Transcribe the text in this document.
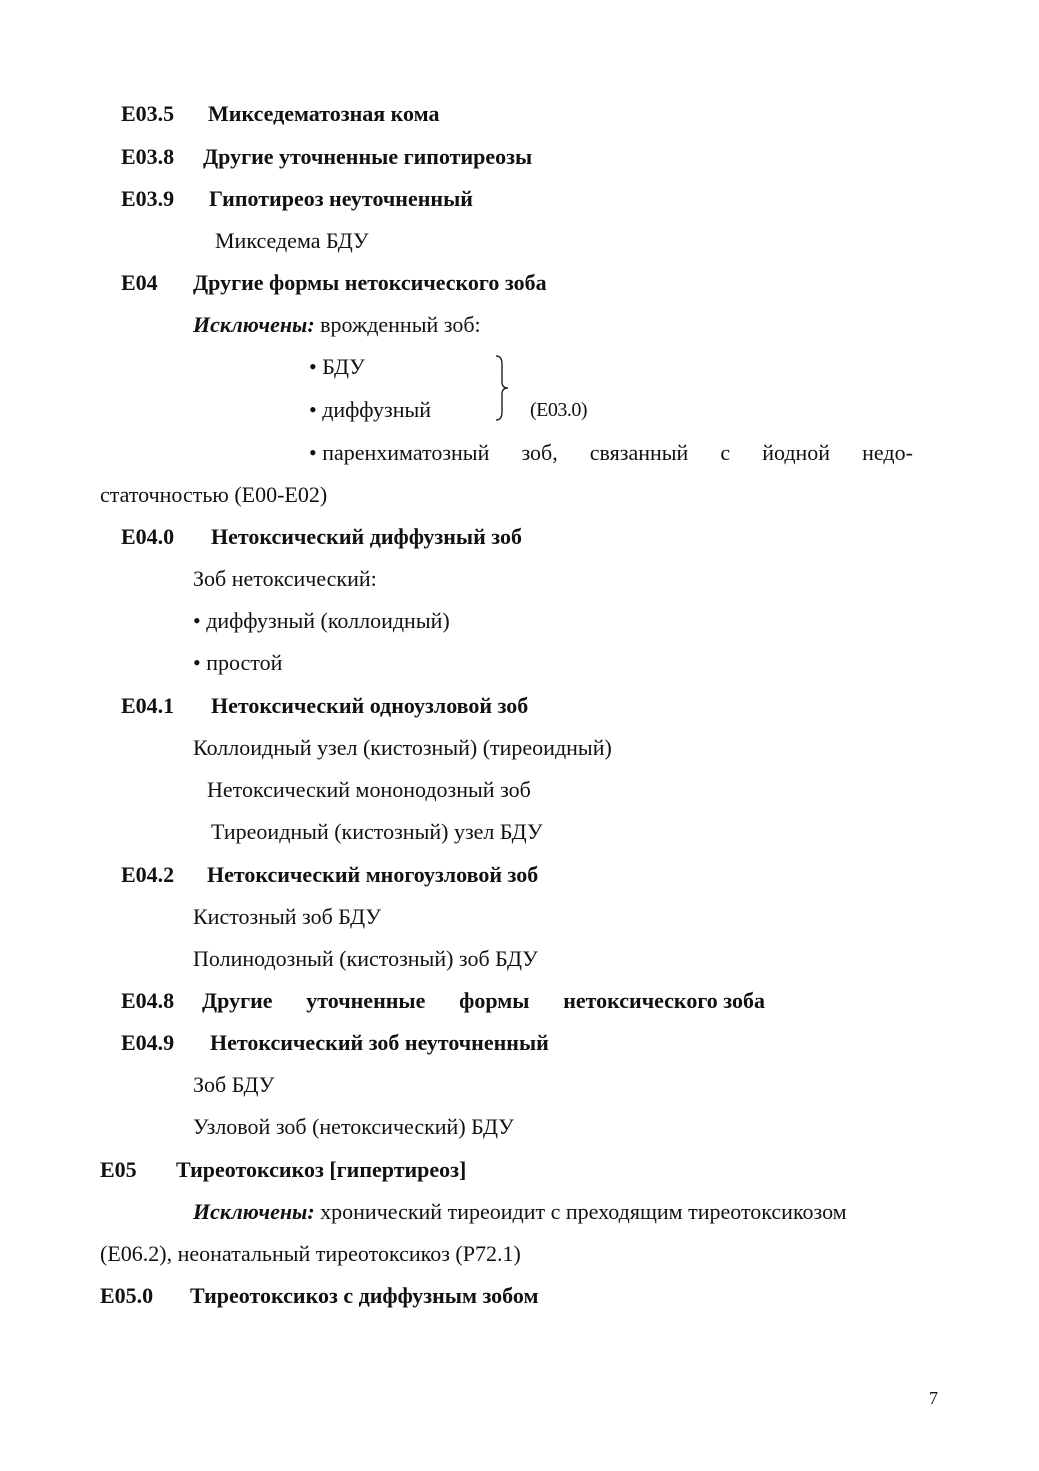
E03.5 Микседематозная кома
E03.8 Другие уточненные гипотиреозы
E03.9 Гипотиреоз неуточненный
Микседема БДУ
E04 Другие формы нетоксического зоба
Исключены: врожденный зоб:
• БДУ
• диффузный	(E03.0)
• паренхиматозный зоб, связанный с йодной недо-
статочностью (E00-E02)
E04.0 Нетоксический диффузный зоб
Зоб нетоксический:
• диффузный (коллоидный)
• простой
E04.1 Нетоксический одноузловой зоб
Коллоидный узел (кистозный) (тиреоидный)
Нетоксический мононодозный зоб
Тиреоидный (кистозный) узел БДУ
E04.2 Нетоксический многоузловой зоб
Кистозный зоб БДУ
Полинодозный (кистозный) зоб БДУ
E04.8 Другие уточненные формы нетоксического зоба
E04.9 Нетоксический зоб неуточненный
Зоб БДУ
Узловой зоб (нетоксический) БДУ
E05 Тиреотоксикоз [гипертиреоз]
Исключены: хронический тиреоидит с преходящим тиреотоксикозом
(E06.2), неонатальный тиреотоксикоз (P72.1)
E05.0 Тиреотоксикоз с диффузным зобом
7
